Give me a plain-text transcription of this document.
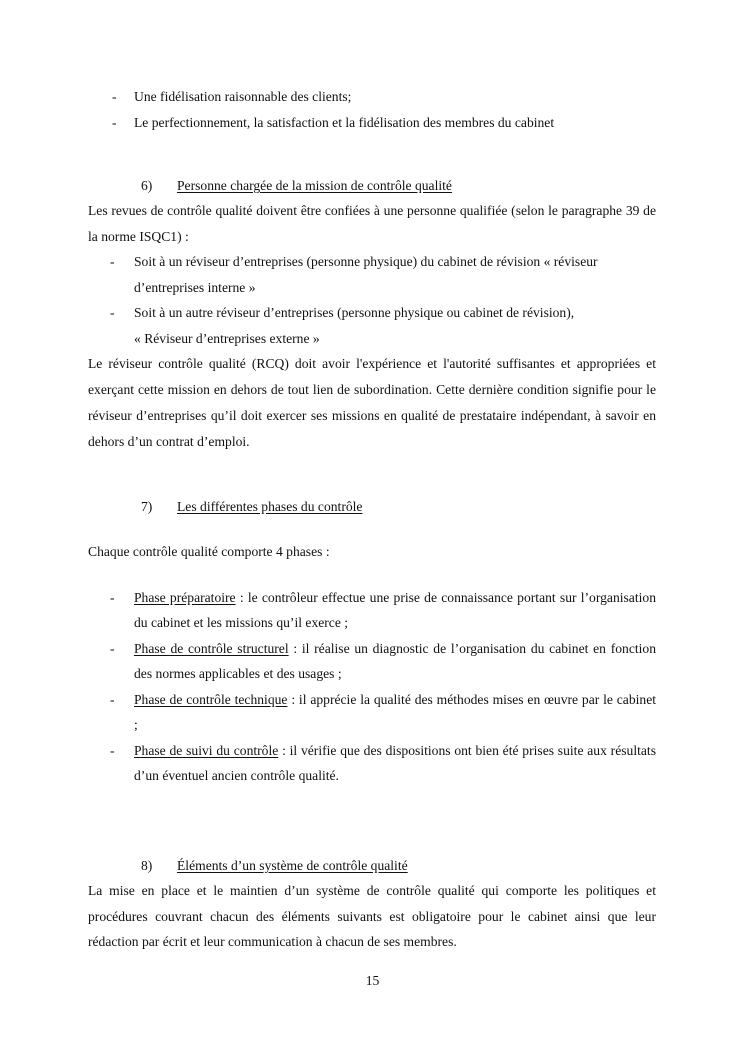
- Une fidélisation raisonnable des clients;

- Le perfectionnement, la satisfaction et la fidélisation des membres du cabinet

6) Personne chargée de la mission de contrôle qualité

Les revues de contrôle qualité doivent être confiées à une personne qualifiée (selon le paragraphe 39 de la norme ISQC1) :

- Soit à un réviseur d’entreprises (personne physique) du cabinet de révision « réviseur
d’entreprises interne »

- Soit à un autre réviseur d’entreprises (personne physique ou cabinet de révision),
« Réviseur d’entreprises externe »

Le réviseur contrôle qualité (RCQ) doit avoir l'expérience et l'autorité suffisantes et appropriées et exerçant cette mission en dehors de tout lien de subordination. Cette dernière condition signifie pour le réviseur d’entreprises qu’il doit exercer ses missions en qualité de prestataire indépendant, à savoir en dehors d’un contrat d’emploi.

7) Les différentes phases du contrôle

Chaque contrôle qualité comporte 4 phases :

- Phase préparatoire : le contrôleur effectue une prise de connaissance portant sur l’organisation du cabinet et les missions qu’il exerce ;

- Phase de contrôle structurel : il réalise un diagnostic de l’organisation du cabinet en fonction des normes applicables et des usages ;

- Phase de contrôle technique : il apprécie la qualité des méthodes mises en œuvre par le cabinet ;

- Phase de suivi du contrôle : il vérifie que des dispositions ont bien été prises suite aux résultats d’un éventuel ancien contrôle qualité.

8) Éléments d’un système de contrôle qualité

La mise en place et le maintien d’un système de contrôle qualité qui comporte les politiques et procédures couvrant chacun des éléments suivants est obligatoire pour le cabinet ainsi que leur rédaction par écrit et leur communication à chacun de ses membres.

15
